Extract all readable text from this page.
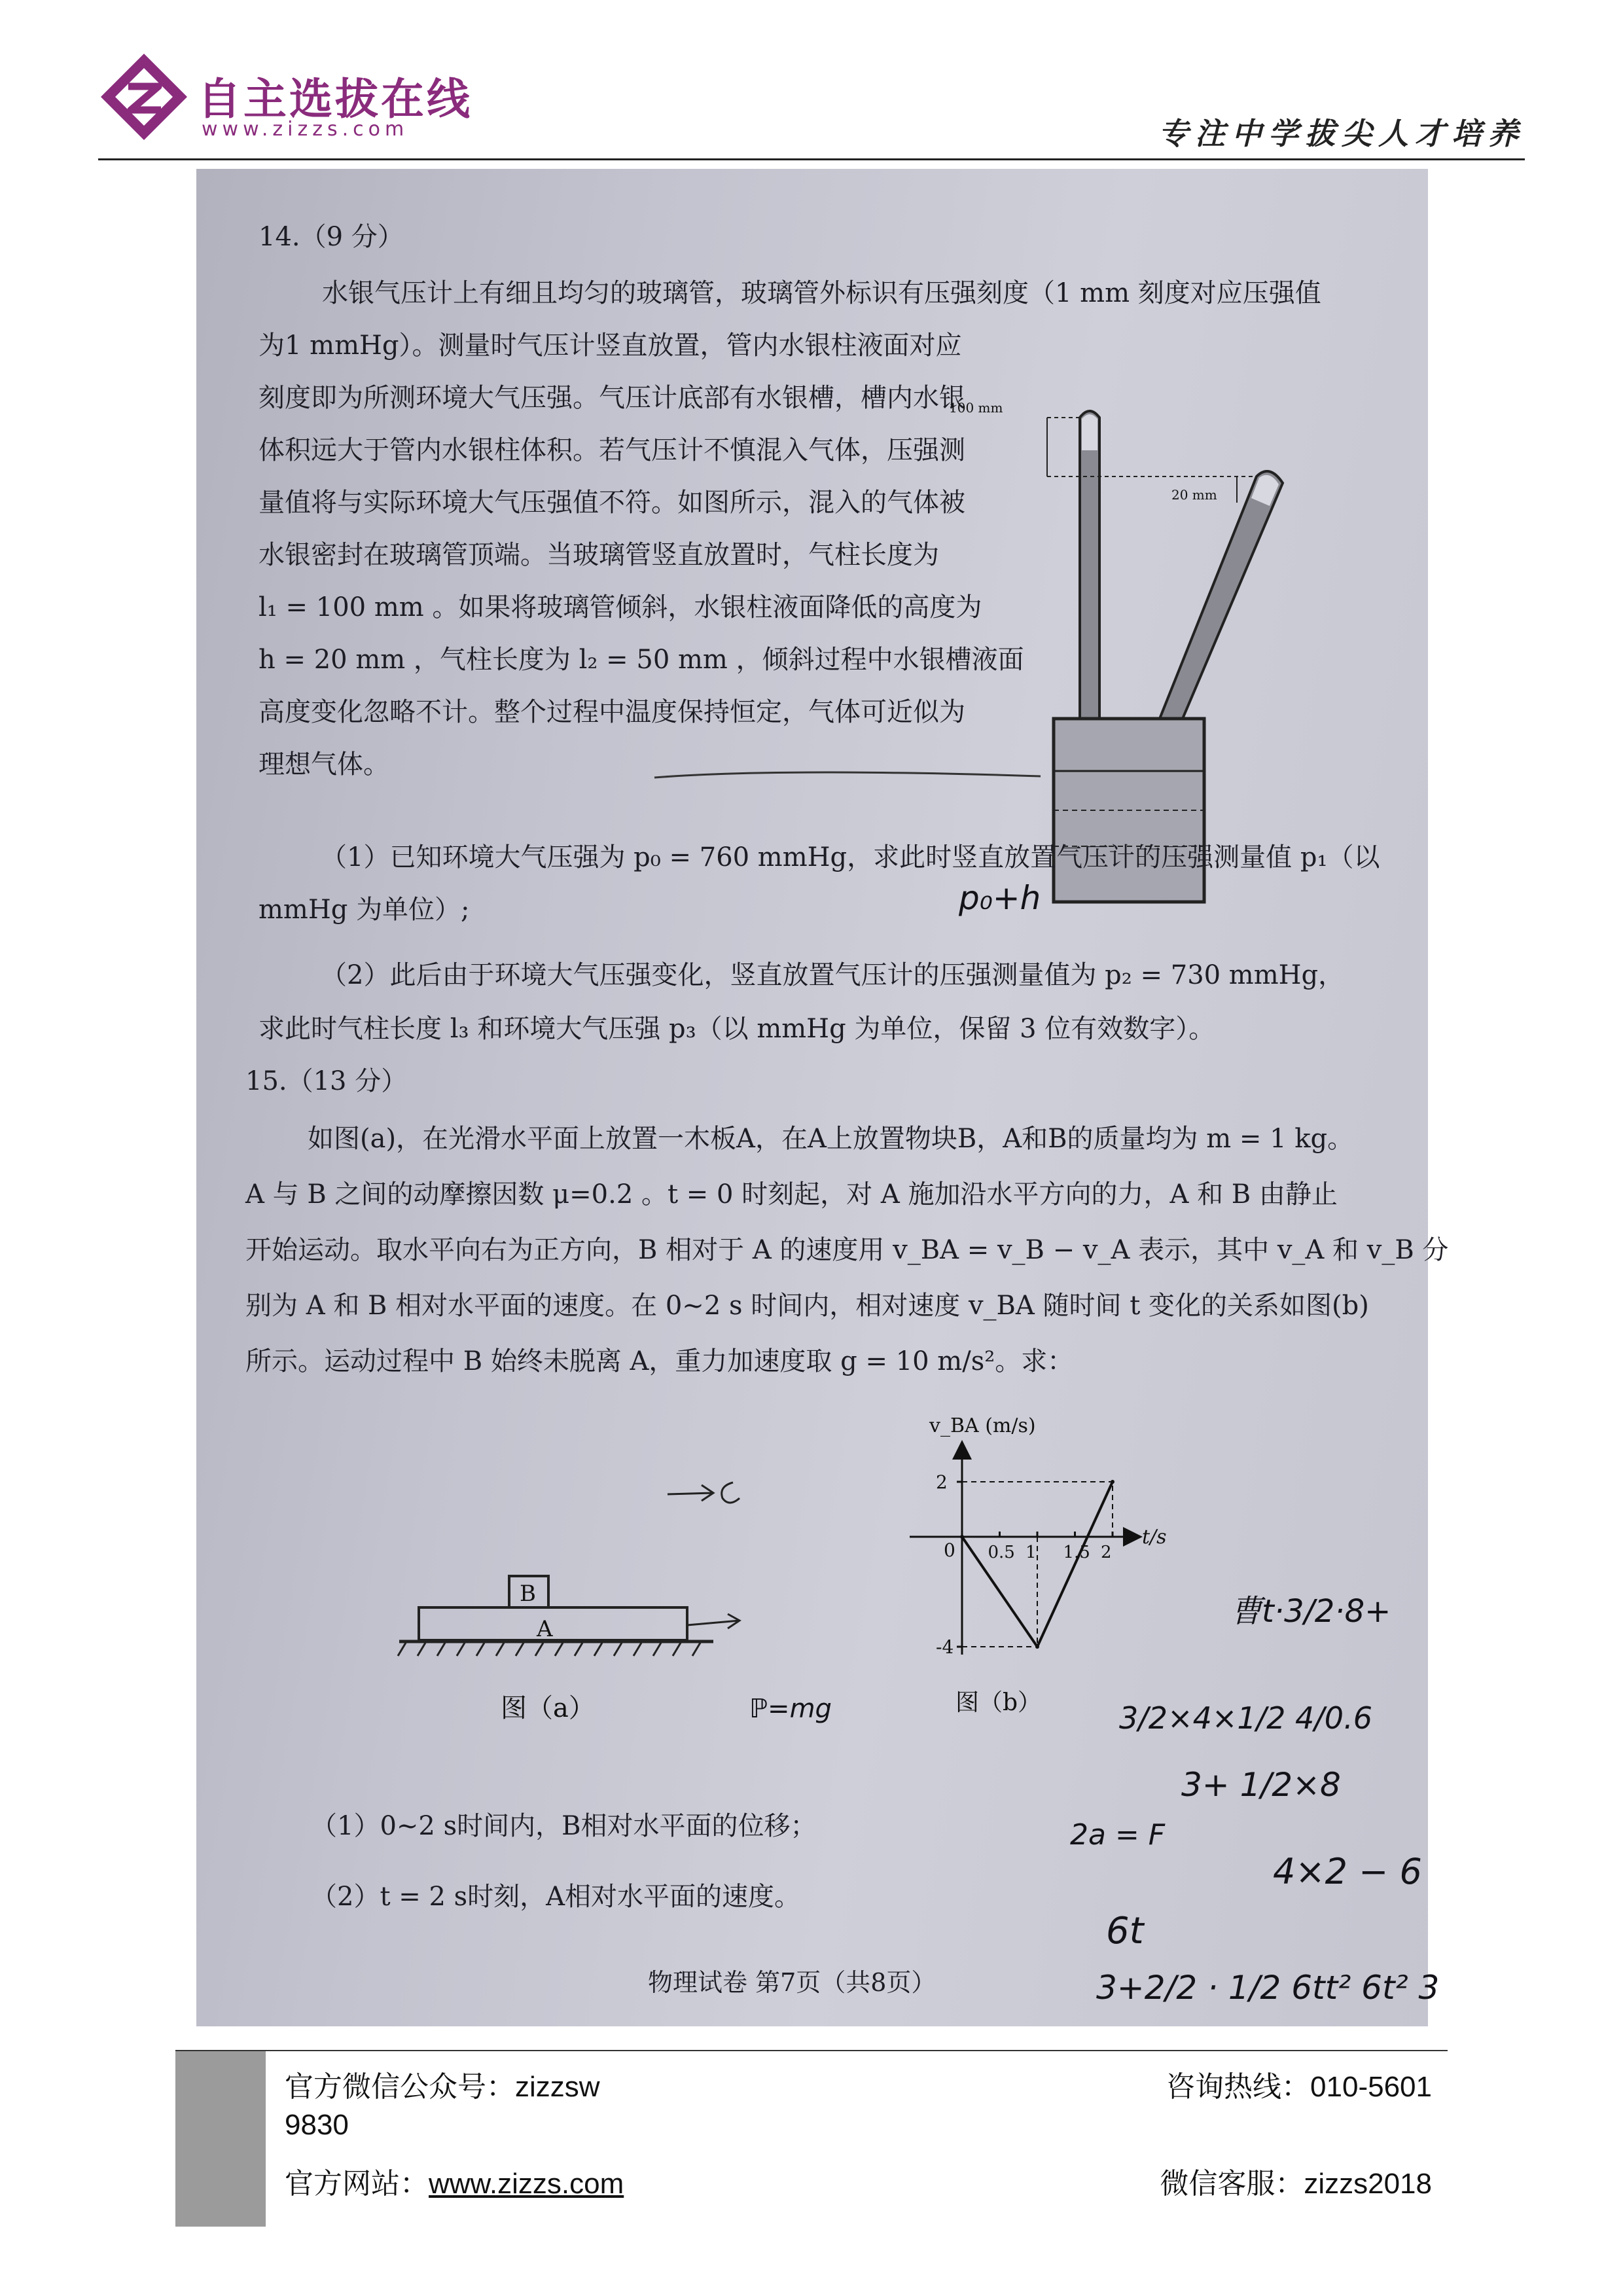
自主选拔在线
www.zizzs.com	专注中学拔尖人才培养
14.（9 分）
水银气压计上有细且均匀的玻璃管，玻璃管外标识有压强刻度（1 mm 刻度对应压强值
为1 mmHg）。测量时气压计竖直放置，管内水银柱液面对应
刻度即为所测环境大气压强。气压计底部有水银槽，槽内水银
体积远大于管内水银柱体积。若气压计不慎混入气体，压强测
量值将与实际环境大气压强值不符。如图所示，混入的气体被
水银密封在玻璃管顶端。当玻璃管竖直放置时，气柱长度为
l₁ = 100 mm 。如果将玻璃管倾斜，水银柱液面降低的高度为
h = 20 mm ，气柱长度为 l₂ = 50 mm ，倾斜过程中水银槽液面
高度变化忽略不计。整个过程中温度保持恒定，气体可近似为
理想气体。
100 mm
20 mm
（1）已知环境大气压强为 p₀ = 760 mmHg，求此时竖直放置气压计的压强测量值 p₁（以
mmHg 为单位）;
（2）此后由于环境大气压强变化，竖直放置气压计的压强测量值为 p₂ = 730 mmHg，
求此时气柱长度 l₃ 和环境大气压强 p₃（以 mmHg 为单位，保留 3 位有效数字）。
15.（13 分）
如图(a)，在光滑水平面上放置一木板A，在A上放置物块B，A和B的质量均为 m = 1 kg。
A 与 B 之间的动摩擦因数 μ=0.2 。t = 0 时刻起，对 A 施加沿水平方向的力，A 和 B 由静止
开始运动。取水平向右为正方向，B 相对于 A 的速度用 v_BA = v_B − v_A 表示，其中 v_A 和 v_B 分
别为 A 和 B 相对水平面的速度。在 0~2 s 时间内，相对速度 v_BA 随时间 t 变化的关系如图(b)
所示。运动过程中 B 始终未脱离 A，重力加速度取 g = 10 m/s²。求：
B
A
图（a）
v_BA (m/s)
t/s
0 0.5 1 1.5 2
2
-4
图（b）
（1）0~2 s时间内，B相对水平面的位移；
（2）t = 2 s时刻，A相对水平面的速度。
物理试卷 第7页（共8页）
p₀+h
曹t·3/2·8+
3/2×4×1/2 4/0.6
3+ 1/2×8
2a = F
4×2 − 6
6t
3+2/2 · 1/2 6tt² 6t² 3
ℙ=mg
官方微信公众号：zizzsw
9830
官方网站：www.zizzs.com
咨询热线：010-5601
微信客服：zizzs2018
